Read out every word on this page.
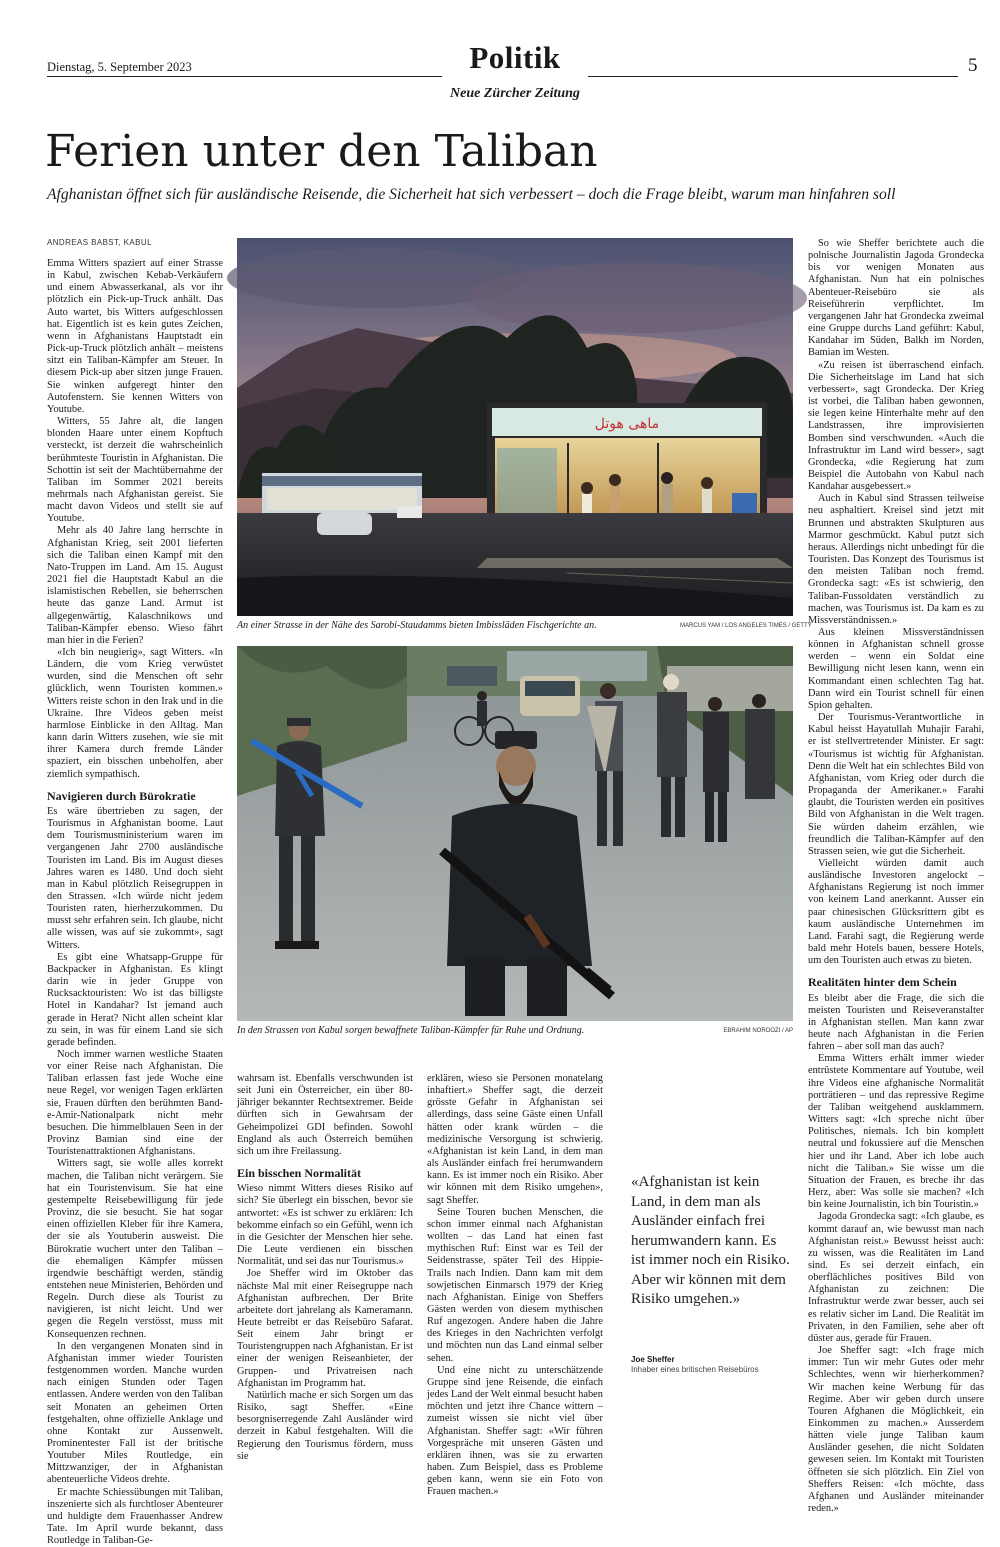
Dienstag, 5. September 2023	Politik
Neue Zürcher Zeitung
5
Ferien unter den Taliban
Afghanistan öffnet sich für ausländische Reisende, die Sicherheit hat sich verbessert – doch die Frage bleibt, warum man hinfahren soll
ANDREAS BABST, KABUL

Emma Witters spaziert auf einer Strasse in Kabul, zwischen Kebab-Verkäufern und einem Abwasserkanal, als vor ihr plötzlich ein Pick-up-Truck anhält. Das Auto wartet, bis Witters aufgeschlossen hat. Eigentlich ist es kein gutes Zeichen, wenn in Afghanistans Hauptstadt ein Pick-up-Truck plötzlich anhält – meistens sitzt ein Taliban-Kämpfer am Steuer. In diesem Pick-up aber sitzen junge Frauen. Sie winken aufgeregt hinter den Autofenstern. Sie kennen Witters von Youtube.

Witters, 55 Jahre alt, die langen blonden Haare unter einem Kopftuch versteckt, ist derzeit die wahrscheinlich berühmteste Touristin in Afghanistan. Die Schottin ist seit der Machtübernahme der Taliban im Sommer 2021 bereits mehrmals nach Afghanistan gereist. Sie macht davon Videos und stellt sie auf Youtube.

Mehr als 40 Jahre lang herrschte in Afghanistan Krieg, seit 2001 lieferten sich die Taliban einen Kampf mit den Nato-Truppen im Land. Am 15. August 2021 fiel die Hauptstadt Kabul an die islamistischen Rebellen, sie beherrschen heute das ganze Land. Armut ist allgegenwärtig, Kalaschnikows und Taliban-Kämpfer ebenso. Wieso fährt man hier in die Ferien?

«Ich bin neugierig», sagt Witters. «In Ländern, die vom Krieg verwüstet wurden, sind die Menschen oft sehr glücklich, wenn Touristen kommen.» Witters reiste schon in den Irak und in die Ukraine. Ihre Videos geben meist harmlose Einblicke in den Alltag. Man kann darin Witters zusehen, wie sie mit ihrer Kamera durch fremde Länder spaziert, ein bisschen unbeholfen, aber ziemlich sympathisch.

Navigieren durch Bürokratie

Es wäre übertrieben zu sagen, der Tourismus in Afghanistan boome. Laut dem Tourismusministerium waren im vergangenen Jahr 2700 ausländische Touristen im Land. Bis im August dieses Jahres waren es 1480. Und doch sieht man in Kabul plötzlich Reisegruppen in den Strassen. «Ich würde nicht jedem Touristen raten, hierherzukommen. Du musst sehr erfahren sein. Ich glaube, nicht alle wissen, was auf sie zukommt», sagt Witters.

Es gibt eine Whatsapp-Gruppe für Backpacker in Afghanistan. Es klingt darin wie in jeder Gruppe von Rucksacktouristen: Wo ist das billigste Hotel in Kandahar? Ist jemand auch gerade in Herat? Nicht allen scheint klar zu sein, in was für einem Land sie sich gerade befinden.

Noch immer warnen westliche Staaten vor einer Reise nach Afghanistan. Die Taliban erlassen fast jede Woche eine neue Regel, vor wenigen Tagen erklärten sie, Frauen dürften den berühmten Band-e-Amir-Nationalpark nicht mehr besuchen. Die himmelblauen Seen in der Provinz Bamian sind eine der Touristenattraktionen Afghanistans.

Witters sagt, sie wolle alles korrekt machen, die Taliban nicht verärgern. Sie hat ein Touristenvisum. Sie hat eine gestempelte Reisebewilligung für jede Provinz, die sie besucht. Sie hat sogar einen offiziellen Kleber für ihre Kamera, der sie als Youtuberin ausweist. Die Bürokratie wuchert unter den Taliban – die ehemaligen Kämpfer müssen irgendwie beschäftigt werden, ständig entstehen neue Ministerien, Behörden und Regeln. Durch diese als Tourist zu navigieren, ist nicht leicht. Und wer gegen die Regeln verstösst, muss mit Konsequenzen rechnen.

In den vergangenen Monaten sind in Afghanistan immer wieder Touristen festgenommen worden. Manche wurden nach einigen Stunden oder Tagen entlassen. Andere werden von den Taliban seit Monaten an geheimen Orten festgehalten, ohne offizielle Anklage und ohne Kontakt zur Aussenwelt. Prominentester Fall ist der britische Youtuber Miles Routledge, ein Mittzwanziger, der in Afghanistan abenteuerliche Videos drehte.

Er machte Schiessübungen mit Taliban, inszenierte sich als furchtloser Abenteurer und huldigte dem Frauenhasser Andrew Tate. Im April wurde bekannt, dass Routledge in Taliban-Ge-

ماهی هوتل
An einer Strasse in der Nähe des Sarobi-Staudamms bieten Imbissläden Fischgerichte an.	MARCUS YAM / LOS ANGELES TIMES / GETTY
In den Strassen von Kabul sorgen bewaffnete Taliban-Kämpfer für Ruhe und Ordnung.	EBRAHIM NOROOZI / AP

wahrsam ist. Ebenfalls verschwunden ist seit Juni ein Österreicher, ein über 80-jähriger bekannter Rechtsextremer. Beide dürften sich in Gewahrsam der Geheimpolizei GDI befinden. Sowohl England als auch Österreich bemühen sich um ihre Freilassung.

Ein bisschen Normalität

Wieso nimmt Witters dieses Risiko auf sich? Sie überlegt ein bisschen, bevor sie antwortet: «Es ist schwer zu erklären: Ich bekomme einfach so ein Gefühl, wenn ich in die Gesichter der Menschen hier sehe. Die Leute verdienen ein bisschen Normalität, und sei das nur Tourismus.»

Joe Sheffer wird im Oktober das nächste Mal mit einer Reisegruppe nach Afghanistan aufbrechen. Der Brite arbeitete dort jahrelang als Kameramann. Heute betreibt er das Reisebüro Safarat. Seit einem Jahr bringt er Touristengruppen nach Afghanistan. Er ist einer der wenigen Reiseanbieter, der Gruppen- und Privatreisen nach Afghanistan im Programm hat.

Natürlich mache er sich Sorgen um das Risiko, sagt Sheffer. «Eine besorgniserregende Zahl Ausländer wird derzeit in Kabul festgehalten. Will die Regierung den Tourismus fördern, muss sie

erklären, wieso sie Personen monatelang inhaftiert.» Sheffer sagt, die derzeit grösste Gefahr in Afghanistan sei allerdings, dass seine Gäste einen Unfall hätten oder krank würden – die medizinische Versorgung ist schwierig. «Afghanistan ist kein Land, in dem man als Ausländer einfach frei herumwandern kann. Es ist immer noch ein Risiko. Aber wir können mit dem Risiko umgehen», sagt Sheffer.

Seine Touren buchen Menschen, die schon immer einmal nach Afghanistan wollten – das Land hat einen fast mythischen Ruf: Einst war es Teil der Seidenstrasse, später Teil des Hippie-Trails nach Indien. Dann kam mit dem sowjetischen Einmarsch 1979 der Krieg nach Afghanistan. Einige von Sheffers Gästen werden von diesem mythischen Ruf angezogen. Andere haben die Jahre des Krieges in den Nachrichten verfolgt und möchten nun das Land einmal selber sehen.

Und eine nicht zu unterschätzende Gruppe sind jene Reisende, die einfach jedes Land der Welt einmal besucht haben möchten und jetzt ihre Chance wittern – zumeist wissen sie nicht viel über Afghanistan. Sheffer sagt: «Wir führen Vorgespräche mit unseren Gästen und erklären ihnen, was sie zu erwarten haben. Zum Beispiel, dass es Probleme geben kann, wenn sie ein Foto von Frauen machen.»

«Afghanistan ist kein Land, in dem man als Ausländer einfach frei herumwandern kann. Es ist immer noch ein Risiko. Aber wir können mit dem Risiko umgehen.»
Joe Sheffer
Inhaber eines britischen Reisebüros

So wie Sheffer berichtete auch die polnische Journalistin Jagoda Grondecka bis vor wenigen Monaten aus Afghanistan. Nun hat ein polnisches Abenteuer-Reisebüro sie als Reiseführerin verpflichtet. Im vergangenen Jahr hat Grondecka zweimal eine Gruppe durchs Land geführt: Kabul, Kandahar im Süden, Balkh im Norden, Bamian im Westen.

«Zu reisen ist überraschend einfach. Die Sicherheitslage im Land hat sich verbessert», sagt Grondecka. Der Krieg ist vorbei, die Taliban haben gewonnen, sie legen keine Hinterhalte mehr auf den Landstrassen, ihre improvisierten Bomben sind verschwunden. «Auch die Infrastruktur im Land wird besser», sagt Grondecka, «die Regierung hat zum Beispiel die Autobahn von Kabul nach Kandahar ausgebessert.»

Auch in Kabul sind Strassen teilweise neu asphaltiert. Kreisel sind jetzt mit Brunnen und abstrakten Skulpturen aus Marmor geschmückt. Kabul putzt sich heraus. Allerdings nicht unbedingt für die Touristen. Das Konzept des Tourismus ist den meisten Taliban noch fremd. Grondecka sagt: «Es ist schwierig, den Taliban-Fussoldaten verständlich zu machen, was Tourismus ist. Da kam es zu Missverständnissen.»

Aus kleinen Missverständnissen können in Afghanistan schnell grosse werden – wenn ein Soldat eine Bewilligung nicht lesen kann, wenn ein Kommandant einen schlechten Tag hat. Dann wird ein Tourist schnell für einen Spion gehalten.

Der Tourismus-Verantwortliche in Kabul heisst Hayatullah Muhajir Farahi, er ist stellvertretender Minister. Er sagt: «Tourismus ist wichtig für Afghanistan. Denn die Welt hat ein schlechtes Bild von Afghanistan, vom Krieg oder durch die Propaganda der Amerikaner.» Farahi glaubt, die Touristen werden ein positives Bild von Afghanistan in die Welt tragen. Sie würden daheim erzählen, wie freundlich die Taliban-Kämpfer auf den Strassen seien, wie gut die Sicherheit.

Vielleicht würden damit auch ausländische Investoren angelockt – Afghanistans Regierung ist noch immer von keinem Land anerkannt. Ausser ein paar chinesischen Glücksrittern gibt es kaum ausländische Unternehmen im Land. Farahi sagt, die Regierung werde bald mehr Hotels bauen, bessere Hotels, um den Touristen auch etwas zu bieten.

Realitäten hinter dem Schein

Es bleibt aber die Frage, die sich die meisten Touristen und Reiseveranstalter in Afghanistan stellen. Man kann zwar heute nach Afghanistan in die Ferien fahren – aber soll man das auch?

Emma Witters erhält immer wieder entrüstete Kommentare auf Youtube, weil ihre Videos eine afghanische Normalität porträtieren – und das repressive Regime der Taliban weitgehend ausklammern. Witters sagt: «Ich spreche nicht über Politisches, niemals. Ich bin komplett neutral und fokussiere auf die Menschen hier und ihr Land. Aber ich lobe auch nicht die Taliban.» Sie wisse um die Situation der Frauen, es breche ihr das Herz, aber: Was solle sie machen? «Ich bin keine Journalistin, ich bin Touristin.»

Jagoda Grondecka sagt: «Ich glaube, es kommt darauf an, wie bewusst man nach Afghanistan reist.» Bewusst heisst auch: zu wissen, was die Realitäten im Land sind. Es sei derzeit einfach, ein oberflächliches positives Bild von Afghanistan zu zeichnen: Die Infrastruktur werde zwar besser, auch sei es relativ sicher im Land. Die Realität im Privaten, in den Familien, sehe aber oft düster aus, gerade für Frauen.

Joe Sheffer sagt: «Ich frage mich immer: Tun wir mehr Gutes oder mehr Schlechtes, wenn wir hierherkommen? Wir machen keine Werbung für das Regime. Aber wir geben durch unsere Touren Afghanen die Möglichkeit, ein Einkommen zu machen.» Ausserdem hätten viele junge Taliban kaum Ausländer gesehen, die nicht Soldaten gewesen seien. Im Kontakt mit Touristen öffneten sie sich plötzlich. Ein Ziel von Sheffers Reisen: «Ich möchte, dass Afghanen und Ausländer miteinander reden.»
